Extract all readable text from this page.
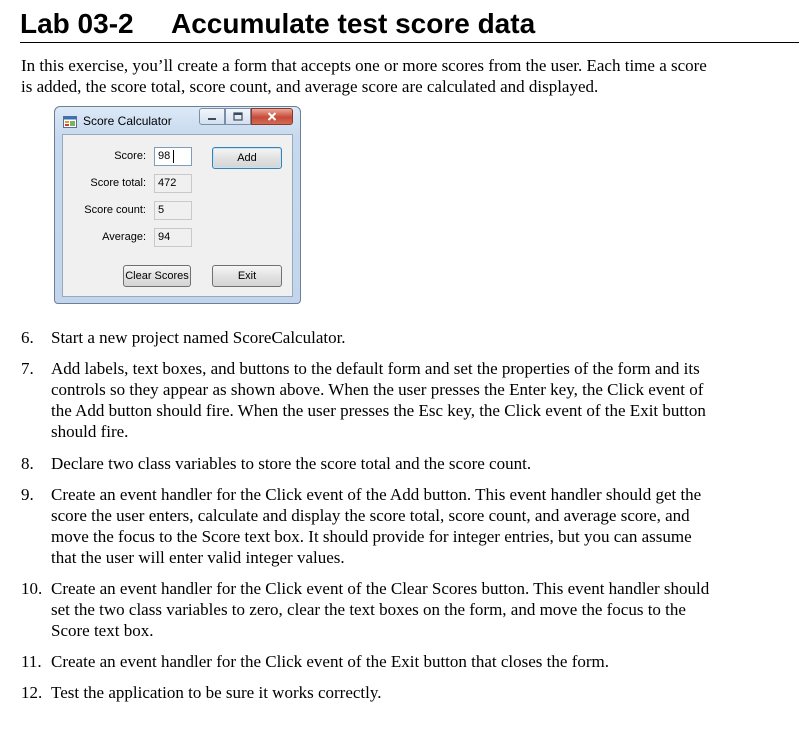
Lab 03-2 Accumulate test score data

In this exercise, you’ll create a form that accepts one or more scores from the user. Each time a score is added, the score total, score count, and average score are calculated and displayed.

Score Calculator
Score:	98	Add
Score total:	472
Score count:	5
Average:	94
Clear Scores	Exit
6. Start a new project named ScoreCalculator.
7. Add labels, text boxes, and buttons to the default form and set the properties of the form and its controls so they appear as shown above. When the user presses the Enter key, the Click event of the Add button should fire. When the user presses the Esc key, the Click event of the Exit button should fire.
8. Declare two class variables to store the score total and the score count.
9. Create an event handler for the Click event of the Add button. This event handler should get the score the user enters, calculate and display the score total, score count, and average score, and move the focus to the Score text box. It should provide for integer entries, but you can assume that the user will enter valid integer values.
10. Create an event handler for the Click event of the Clear Scores button. This event handler should set the two class variables to zero, clear the text boxes on the form, and move the focus to the Score text box.
11. Create an event handler for the Click event of the Exit button that closes the form.
12. Test the application to be sure it works correctly.
